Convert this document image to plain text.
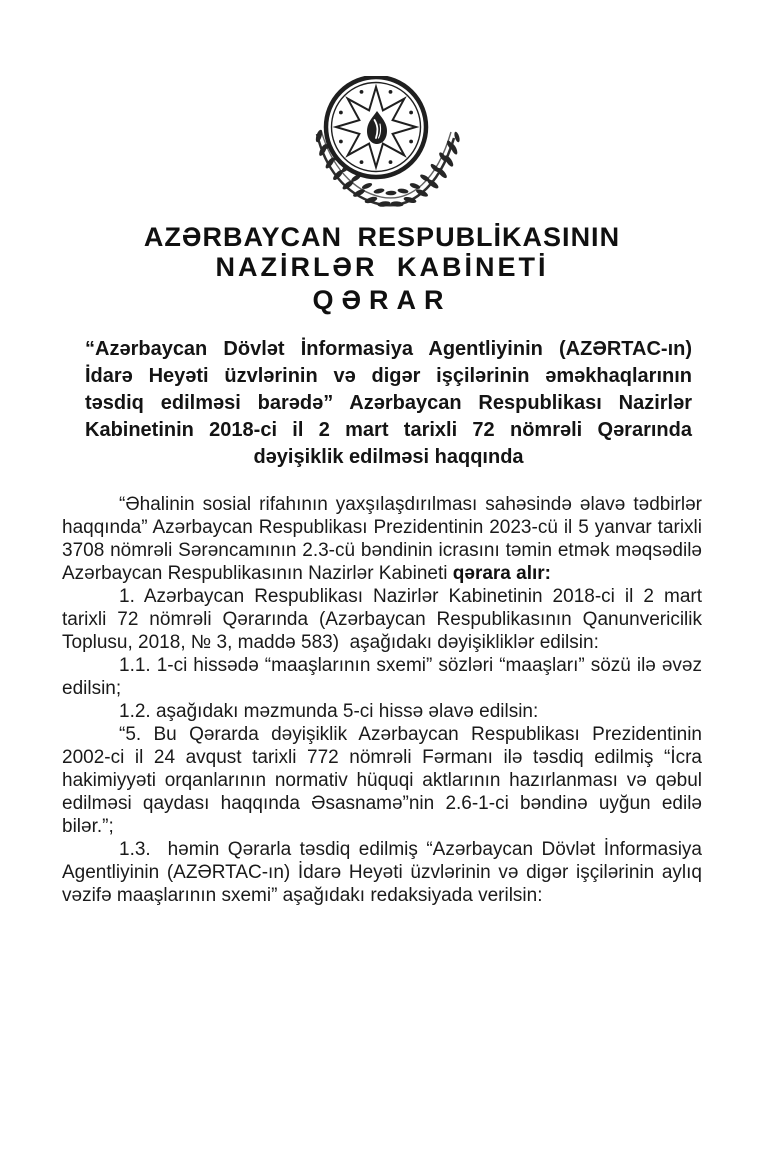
AZƏRBAYCAN RESPUBLİKASININ
NAZİRLƏR KABİNETİ
QƏRAR
“Azərbaycan Dövlət İnformasiya Agentliyinin (AZƏRTAC-ın) İdarə Heyəti üzvlərinin və digər işçilərinin əməkhaqlarının təsdiq edilməsi barədə” Azərbaycan Respublikası Nazirlər Kabinetinin 2018-ci il 2 mart tarixli 72 nömrəli Qərarında dəyişiklik edilməsi haqqında

“Əhalinin sosial rifahının yaxşılaşdırılması sahəsində əlavə tədbirlər haqqında” Azərbaycan Respublikası Prezidentinin 2023-cü il 5 yanvar tarixli 3708 nömrəli Sərəncamının 2.3-cü bəndinin icrasını təmin etmək məqsədilə Azərbaycan Respublikasının Nazirlər Kabineti qərara alır:

1. Azərbaycan Respublikası Nazirlər Kabinetinin 2018-ci il 2 mart tarixli 72 nömrəli Qərarında (Azərbaycan Respublikasının Qanunvericilik Toplusu, 2018, № 3, maddə 583)  aşağıdakı dəyişikliklər edilsin:

1.1. 1-ci hissədə “maaşlarının sxemi” sözləri “maaşları” sözü ilə əvəz edilsin;

1.2. aşağıdakı məzmunda 5-ci hissə əlavə edilsin:

“5. Bu Qərarda dəyişiklik Azərbaycan Respublikası Prezidentinin 2002-ci il 24 avqust tarixli 772 nömrəli Fərmanı ilə təsdiq edilmiş “İcra hakimiyyəti orqanlarının normativ hüquqi aktlarının hazırlanması və qəbul edilməsi qaydası haqqında Əsasnamə”nin 2.6-1-ci bəndinə uyğun edilə bilər.”;

1.3.  həmin Qərarla təsdiq edilmiş “Azərbaycan Dövlət İnformasiya Agentliyinin (AZƏRTAC-ın) İdarə Heyəti üzvlərinin və digər işçilərinin aylıq vəzifə maaşlarının sxemi” aşağıdakı redaksiyada verilsin:
